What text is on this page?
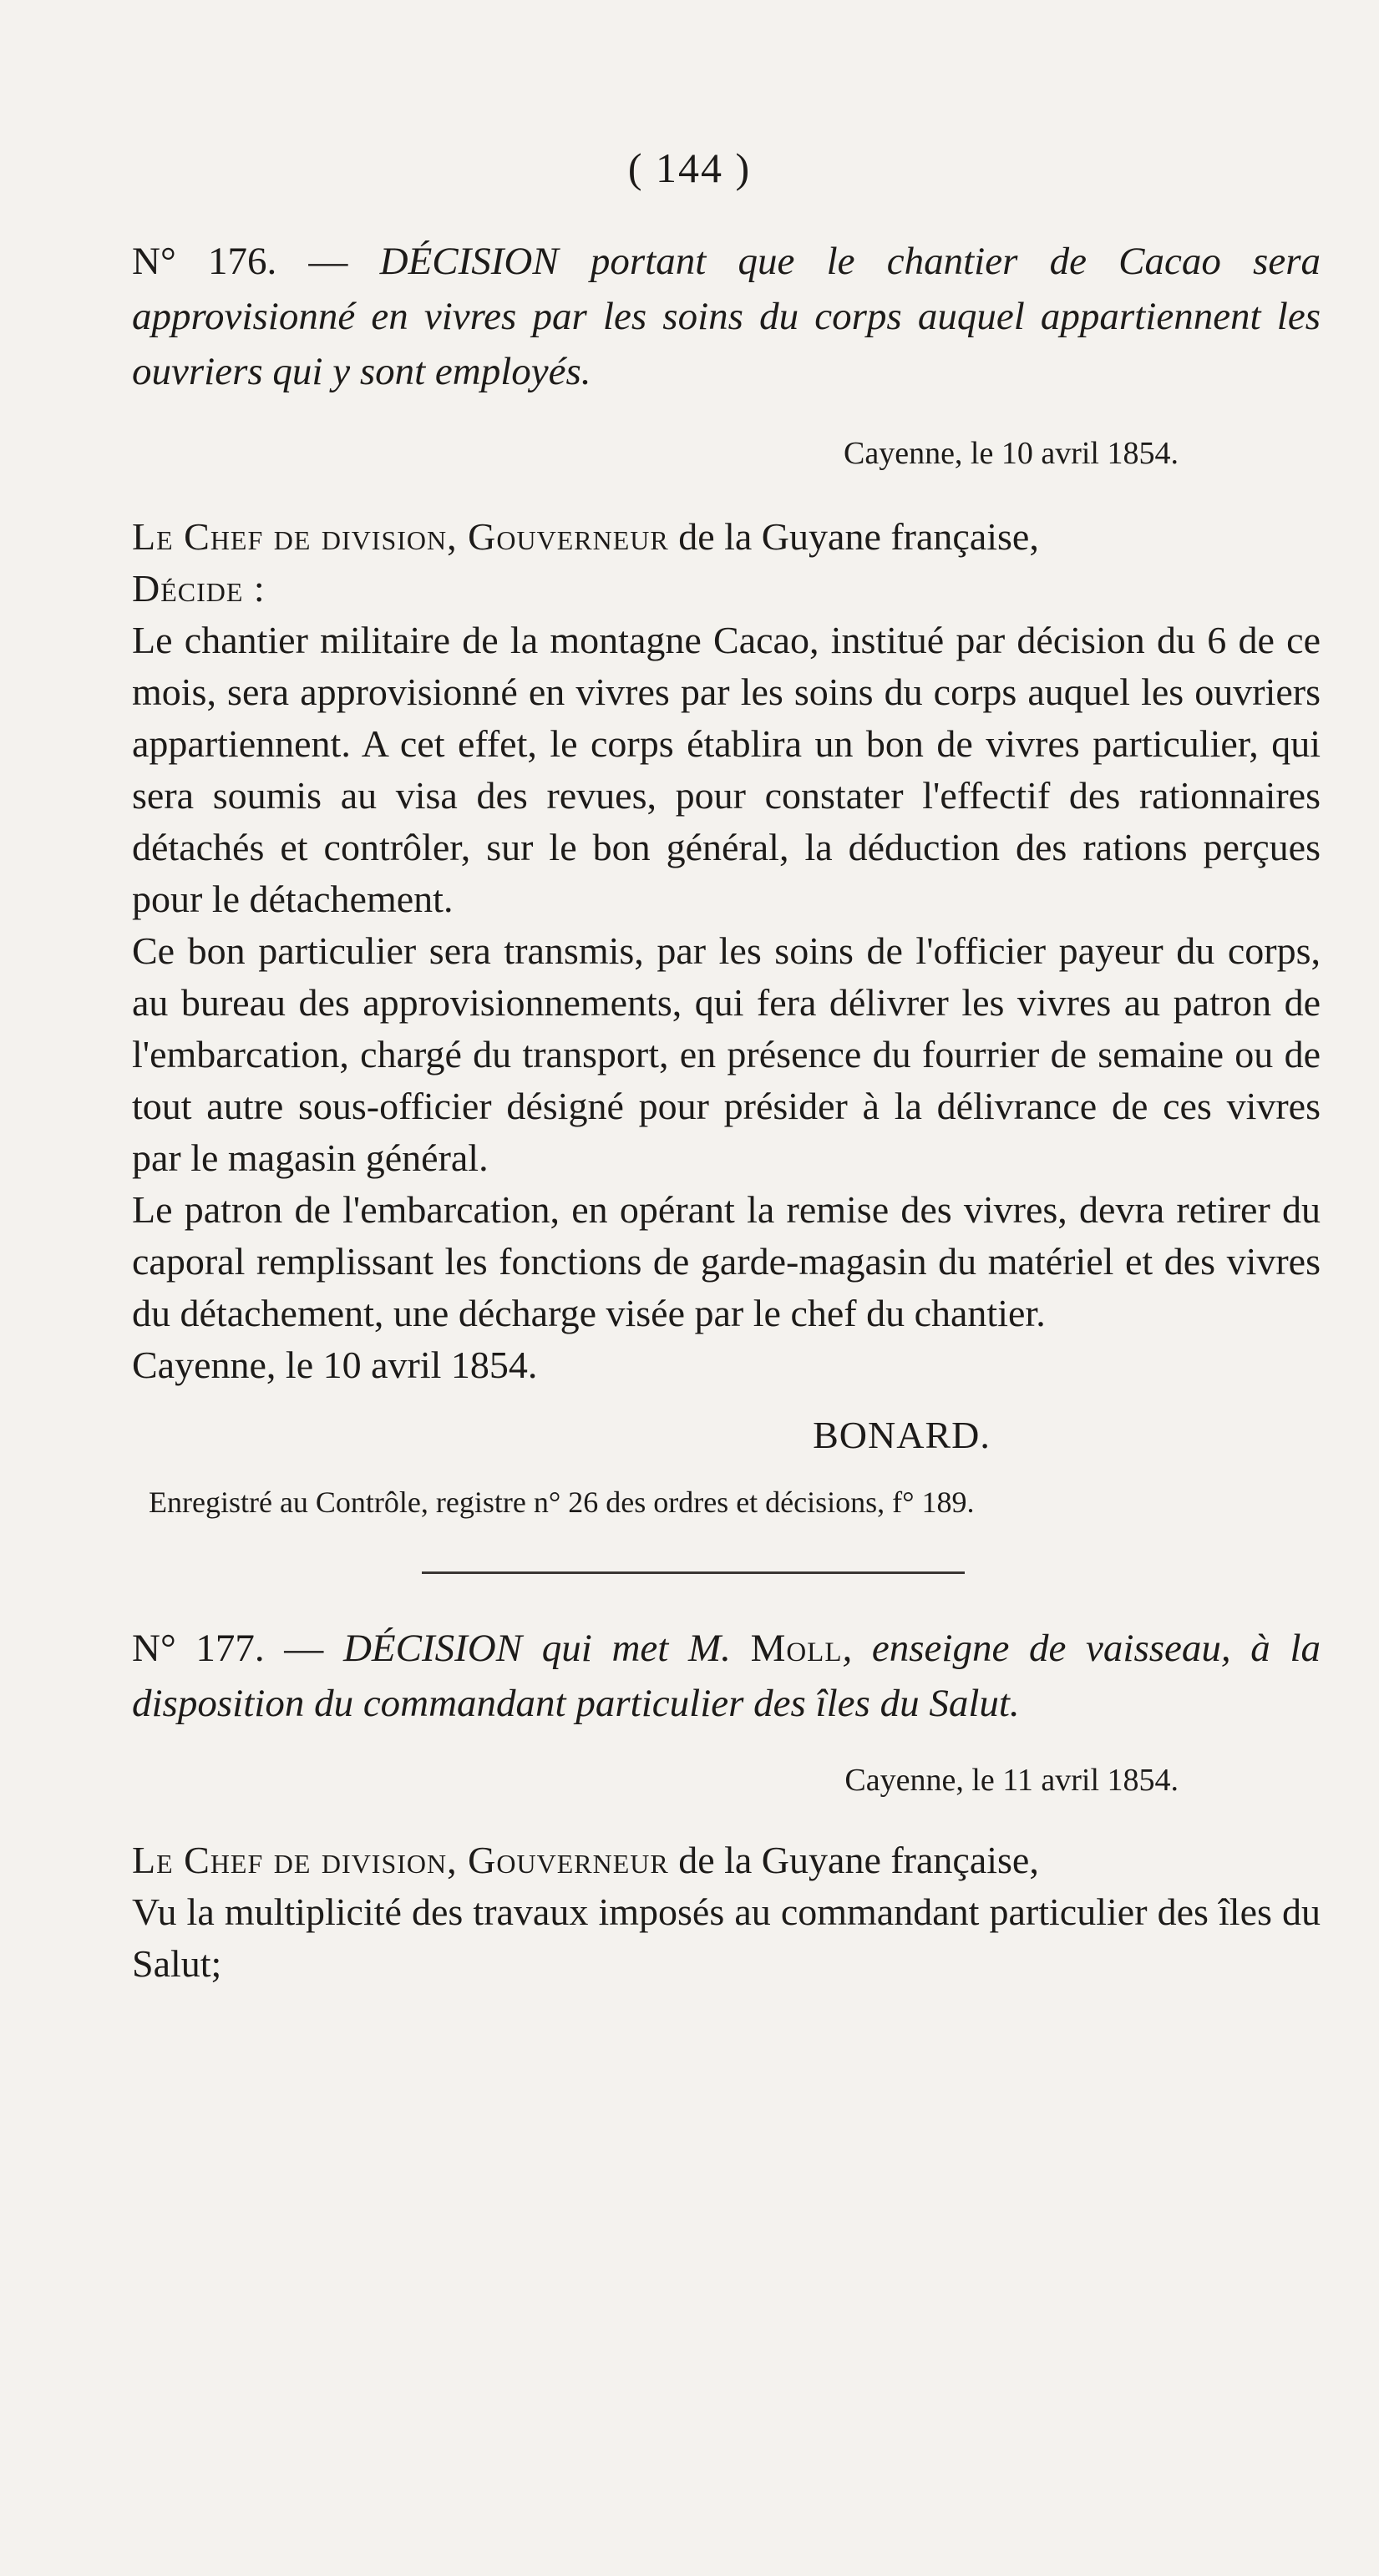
( 144 )
N° 176. — DÉCISION portant que le chantier de Cacao sera approvisionné en vivres par les soins du corps auquel appartiennent les ouvriers qui y sont employés.
Cayenne, le 10 avril 1854.
Le Chef de division, Gouverneur de la Guyane française,
Décide :

Le chantier militaire de la montagne Cacao, institué par décision du 6 de ce mois, sera approvisionné en vivres par les soins du corps auquel les ouvriers appartiennent. A cet effet, le corps établira un bon de vivres particulier, qui sera soumis au visa des revues, pour constater l'effectif des rationnaires détachés et contrôler, sur le bon général, la déduction des rations perçues pour le détachement.

Ce bon particulier sera transmis, par les soins de l'officier payeur du corps, au bureau des approvisionnements, qui fera délivrer les vivres au patron de l'embarcation, chargé du transport, en présence du fourrier de semaine ou de tout autre sous-officier désigné pour présider à la délivrance de ces vivres par le magasin général.

Le patron de l'embarcation, en opérant la remise des vivres, devra retirer du caporal remplissant les fonctions de garde-magasin du matériel et des vivres du détachement, une décharge visée par le chef du chantier.

Cayenne, le 10 avril 1854.

BONARD.
Enregistré au Contrôle, registre n° 26 des ordres et décisions, f° 189.
N° 177. — DÉCISION qui met M. Moll, enseigne de vaisseau, à la disposition du commandant particulier des îles du Salut.
Cayenne, le 11 avril 1854.
Le Chef de division, Gouverneur de la Guyane française,

Vu la multiplicité des travaux imposés au commandant particulier des îles du Salut;
